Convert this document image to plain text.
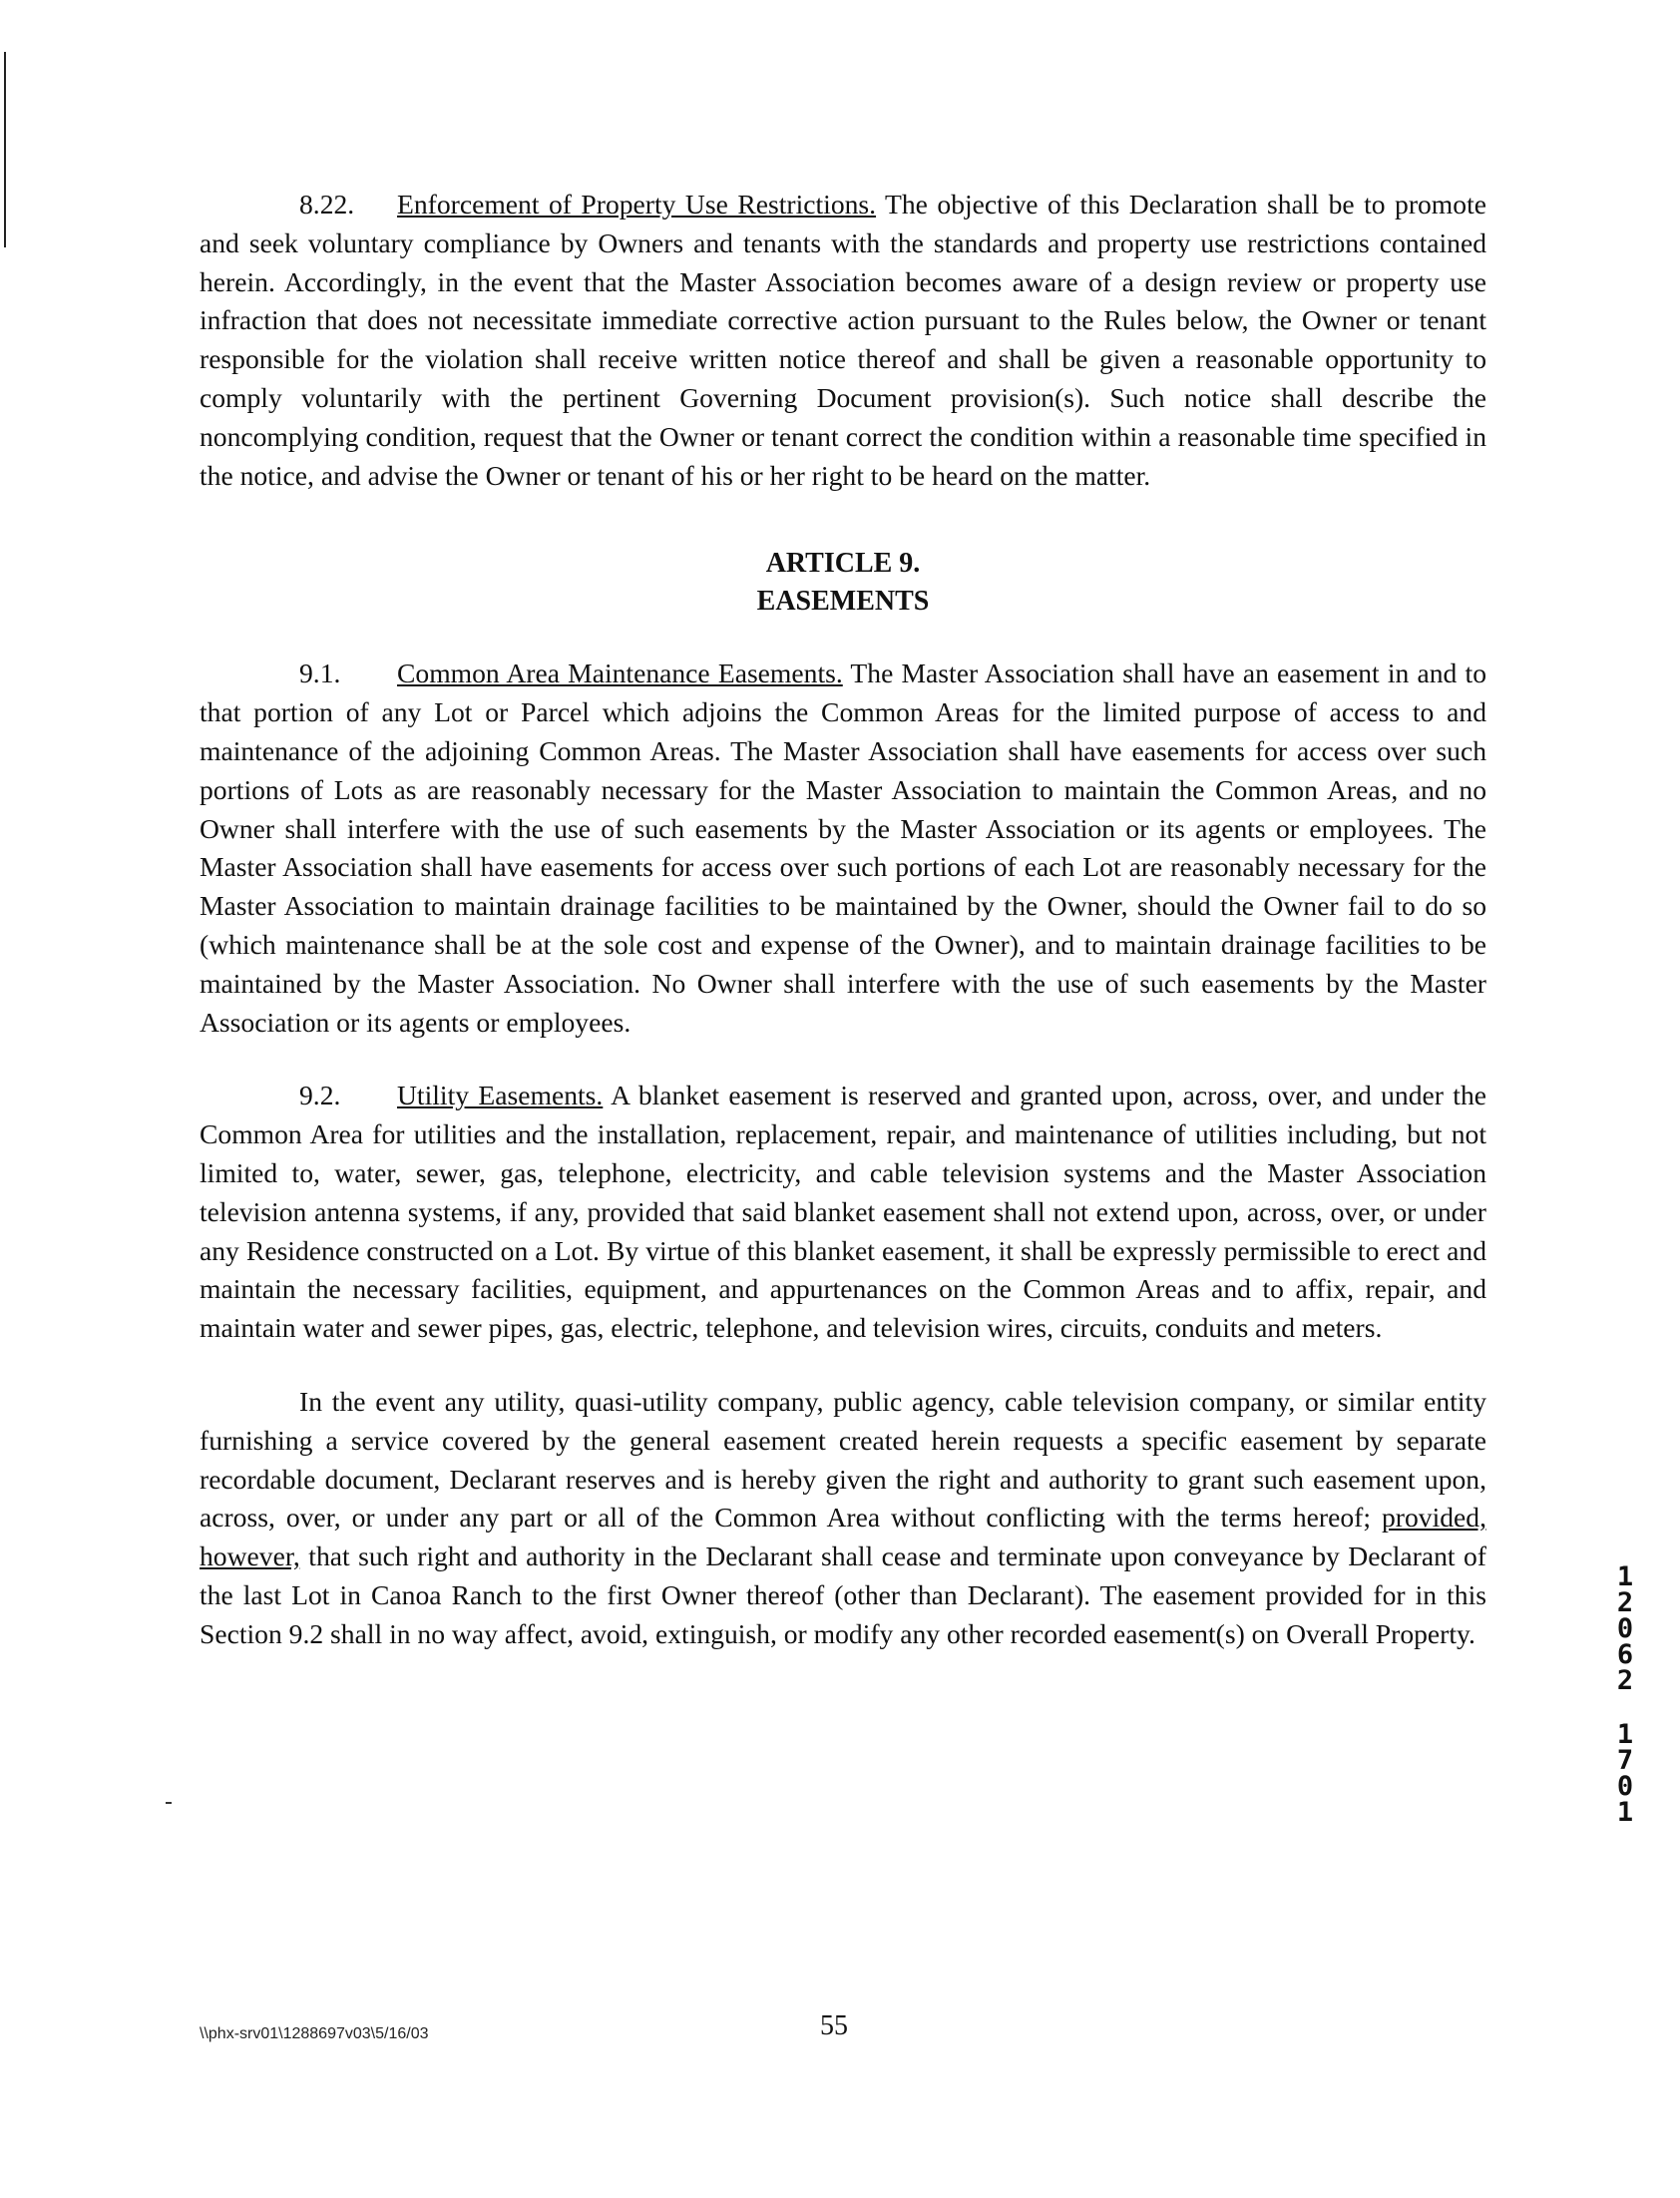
8.22. Enforcement of Property Use Restrictions. The objective of this Declaration shall be to promote and seek voluntary compliance by Owners and tenants with the standards and property use restrictions contained herein. Accordingly, in the event that the Master Association becomes aware of a design review or property use infraction that does not necessitate immediate corrective action pursuant to the Rules below, the Owner or tenant responsible for the violation shall receive written notice thereof and shall be given a reasonable opportunity to comply voluntarily with the pertinent Governing Document provision(s). Such notice shall describe the noncomplying condition, request that the Owner or tenant correct the condition within a reasonable time specified in the notice, and advise the Owner or tenant of his or her right to be heard on the matter.

ARTICLE 9.
EASEMENTS

9.1. Common Area Maintenance Easements. The Master Association shall have an easement in and to that portion of any Lot or Parcel which adjoins the Common Areas for the limited purpose of access to and maintenance of the adjoining Common Areas. The Master Association shall have easements for access over such portions of Lots as are reasonably necessary for the Master Association to maintain the Common Areas, and no Owner shall interfere with the use of such easements by the Master Association or its agents or employees. The Master Association shall have easements for access over such portions of each Lot are reasonably necessary for the Master Association to maintain drainage facilities to be maintained by the Owner, should the Owner fail to do so (which maintenance shall be at the sole cost and expense of the Owner), and to maintain drainage facilities to be maintained by the Master Association. No Owner shall interfere with the use of such easements by the Master Association or its agents or employees.

9.2. Utility Easements. A blanket easement is reserved and granted upon, across, over, and under the Common Area for utilities and the installation, replacement, repair, and maintenance of utilities including, but not limited to, water, sewer, gas, telephone, electricity, and cable television systems and the Master Association television antenna systems, if any, provided that said blanket easement shall not extend upon, across, over, or under any Residence constructed on a Lot. By virtue of this blanket easement, it shall be expressly permissible to erect and maintain the necessary facilities, equipment, and appurtenances on the Common Areas and to affix, repair, and maintain water and sewer pipes, gas, electric, telephone, and television wires, circuits, conduits and meters.

In the event any utility, quasi-utility company, public agency, cable television company, or similar entity furnishing a service covered by the general easement created herein requests a specific easement by separate recordable document, Declarant reserves and is hereby given the right and authority to grant such easement upon, across, over, or under any part or all of the Common Area without conflicting with the terms hereof; provided, however, that such right and authority in the Declarant shall cease and terminate upon conveyance by Declarant of the last Lot in Canoa Ranch to the first Owner thereof (other than Declarant). The easement provided for in this Section 9.2 shall in no way affect, avoid, extinguish, or modify any other recorded easement(s) on Overall Property.

1
2
0
6
2
1
7
0
1
\\phx-srv01\1288697v03\5/16/03	55
